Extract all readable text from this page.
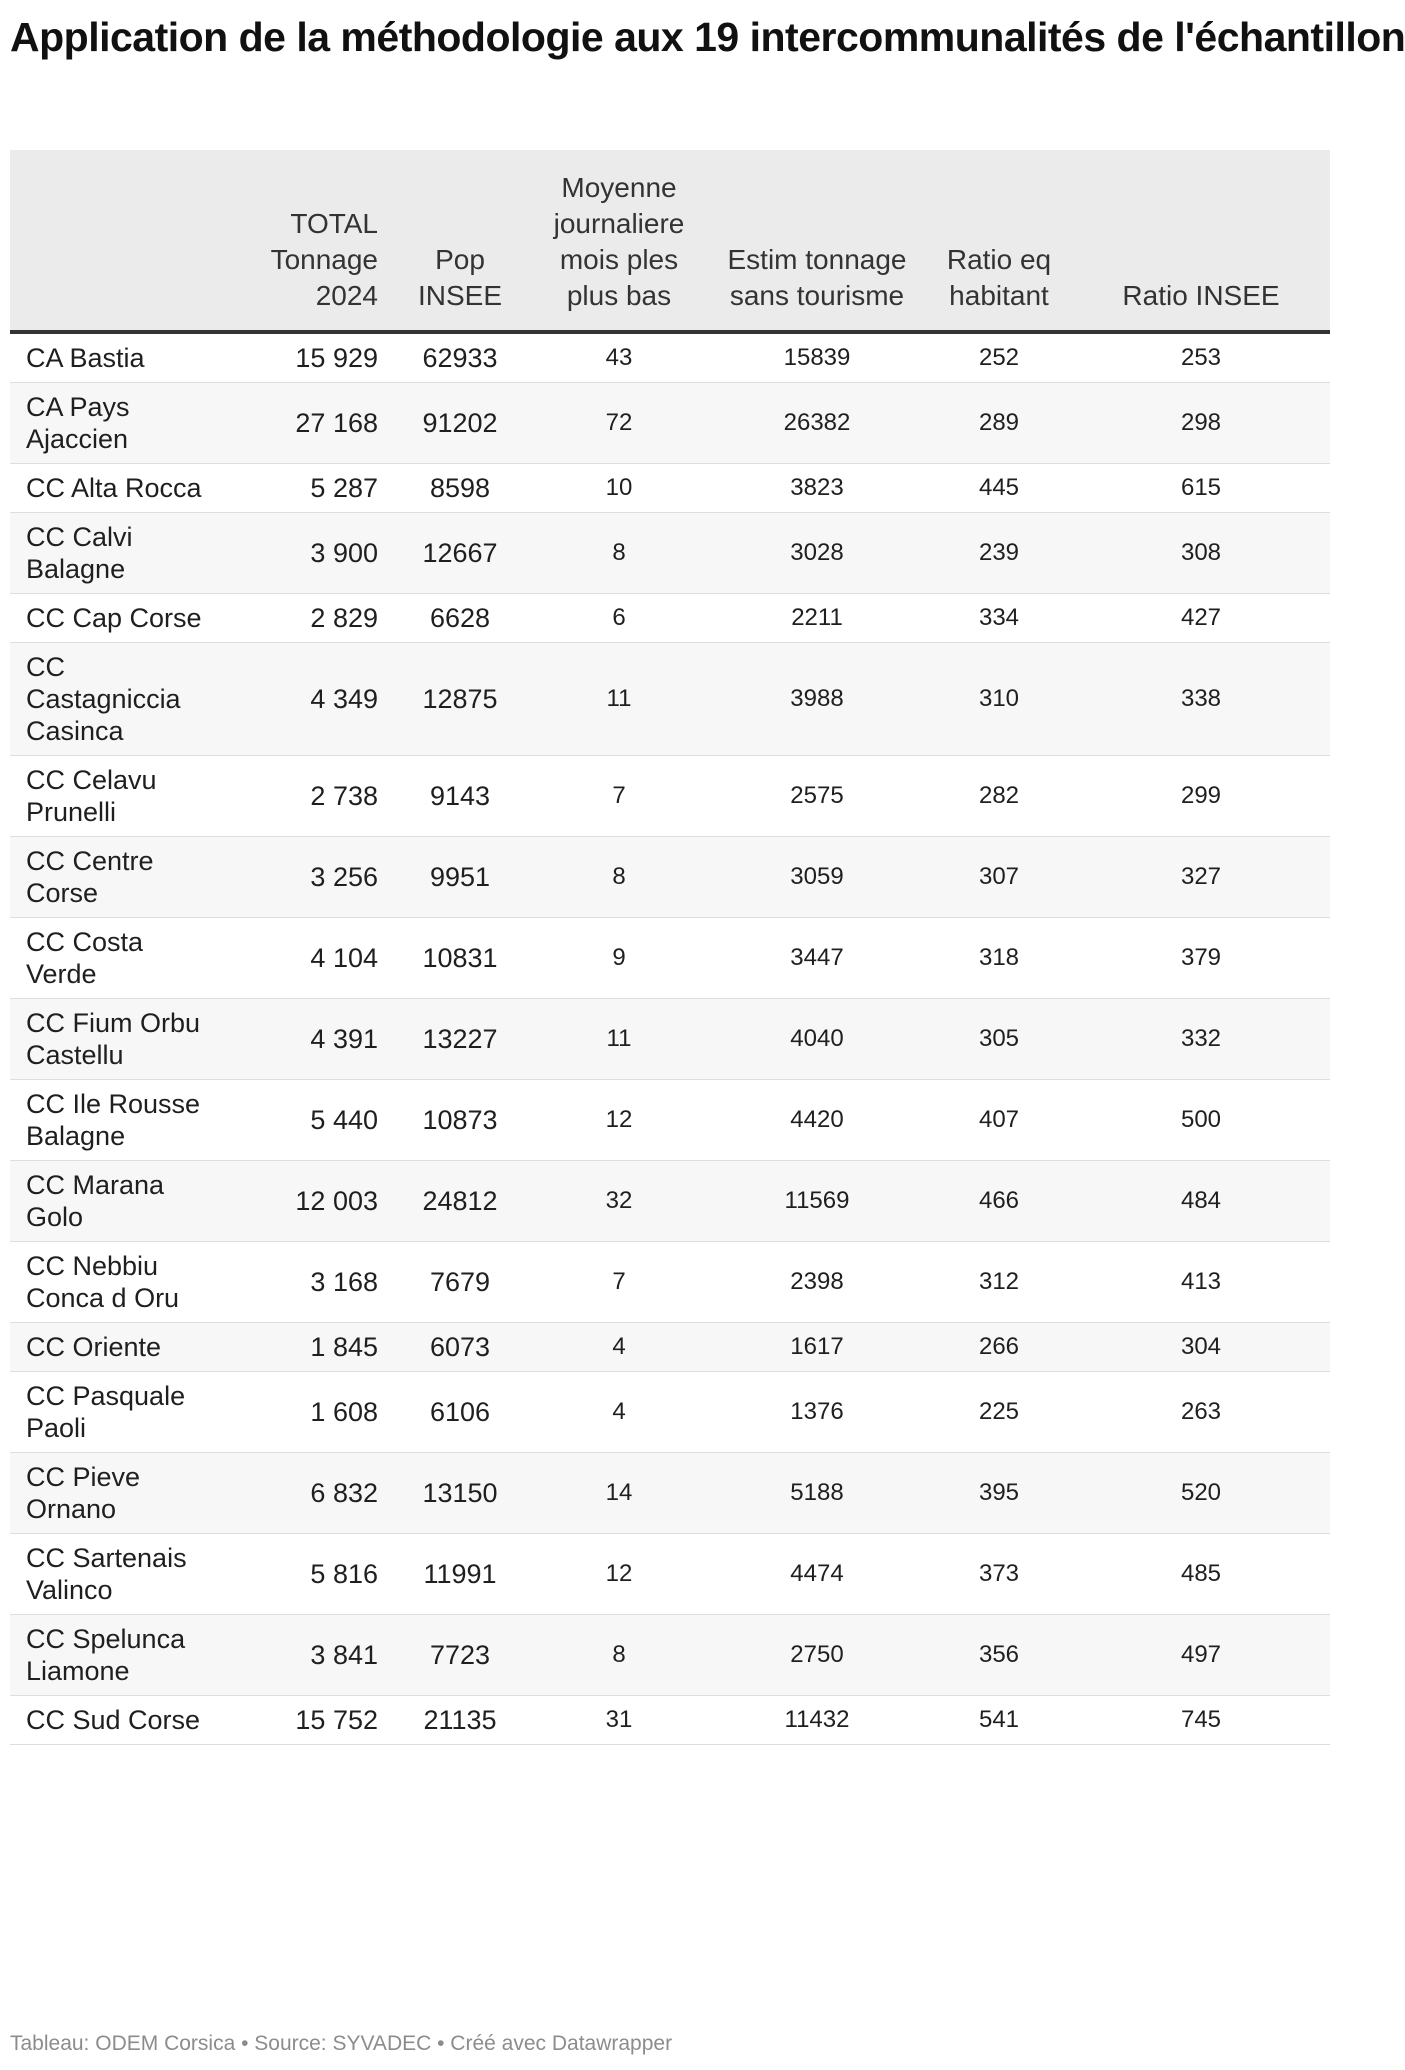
Application de la méthodologie aux 19 intercommunalités de l'échantillon
	TOTAL Tonnage 2024	Pop INSEE	Moyenne journaliere mois ples plus bas	Estim tonnage sans tourisme	Ratio eq habitant	Ratio INSEE
CA Bastia	15 929	62933	43	15839	252	253
CA Pays Ajaccien	27 168	91202	72	26382	289	298
CC Alta Rocca	5 287	8598	10	3823	445	615
CC Calvi Balagne	3 900	12667	8	3028	239	308
CC Cap Corse	2 829	6628	6	2211	334	427
CC Castagniccia Casinca	4 349	12875	11	3988	310	338
CC Celavu Prunelli	2 738	9143	7	2575	282	299
CC Centre Corse	3 256	9951	8	3059	307	327
CC Costa Verde	4 104	10831	9	3447	318	379
CC Fium Orbu Castellu	4 391	13227	11	4040	305	332
CC Ile Rousse Balagne	5 440	10873	12	4420	407	500
CC Marana Golo	12 003	24812	32	11569	466	484
CC Nebbiu Conca d Oru	3 168	7679	7	2398	312	413
CC Oriente	1 845	6073	4	1617	266	304
CC Pasquale Paoli	1 608	6106	4	1376	225	263
CC Pieve Ornano	6 832	13150	14	5188	395	520
CC Sartenais Valinco	5 816	11991	12	4474	373	485
CC Spelunca Liamone	3 841	7723	8	2750	356	497
CC Sud Corse	15 752	21135	31	11432	541	745
Tableau: ODEM Corsica • Source: SYVADEC • Créé avec Datawrapper
